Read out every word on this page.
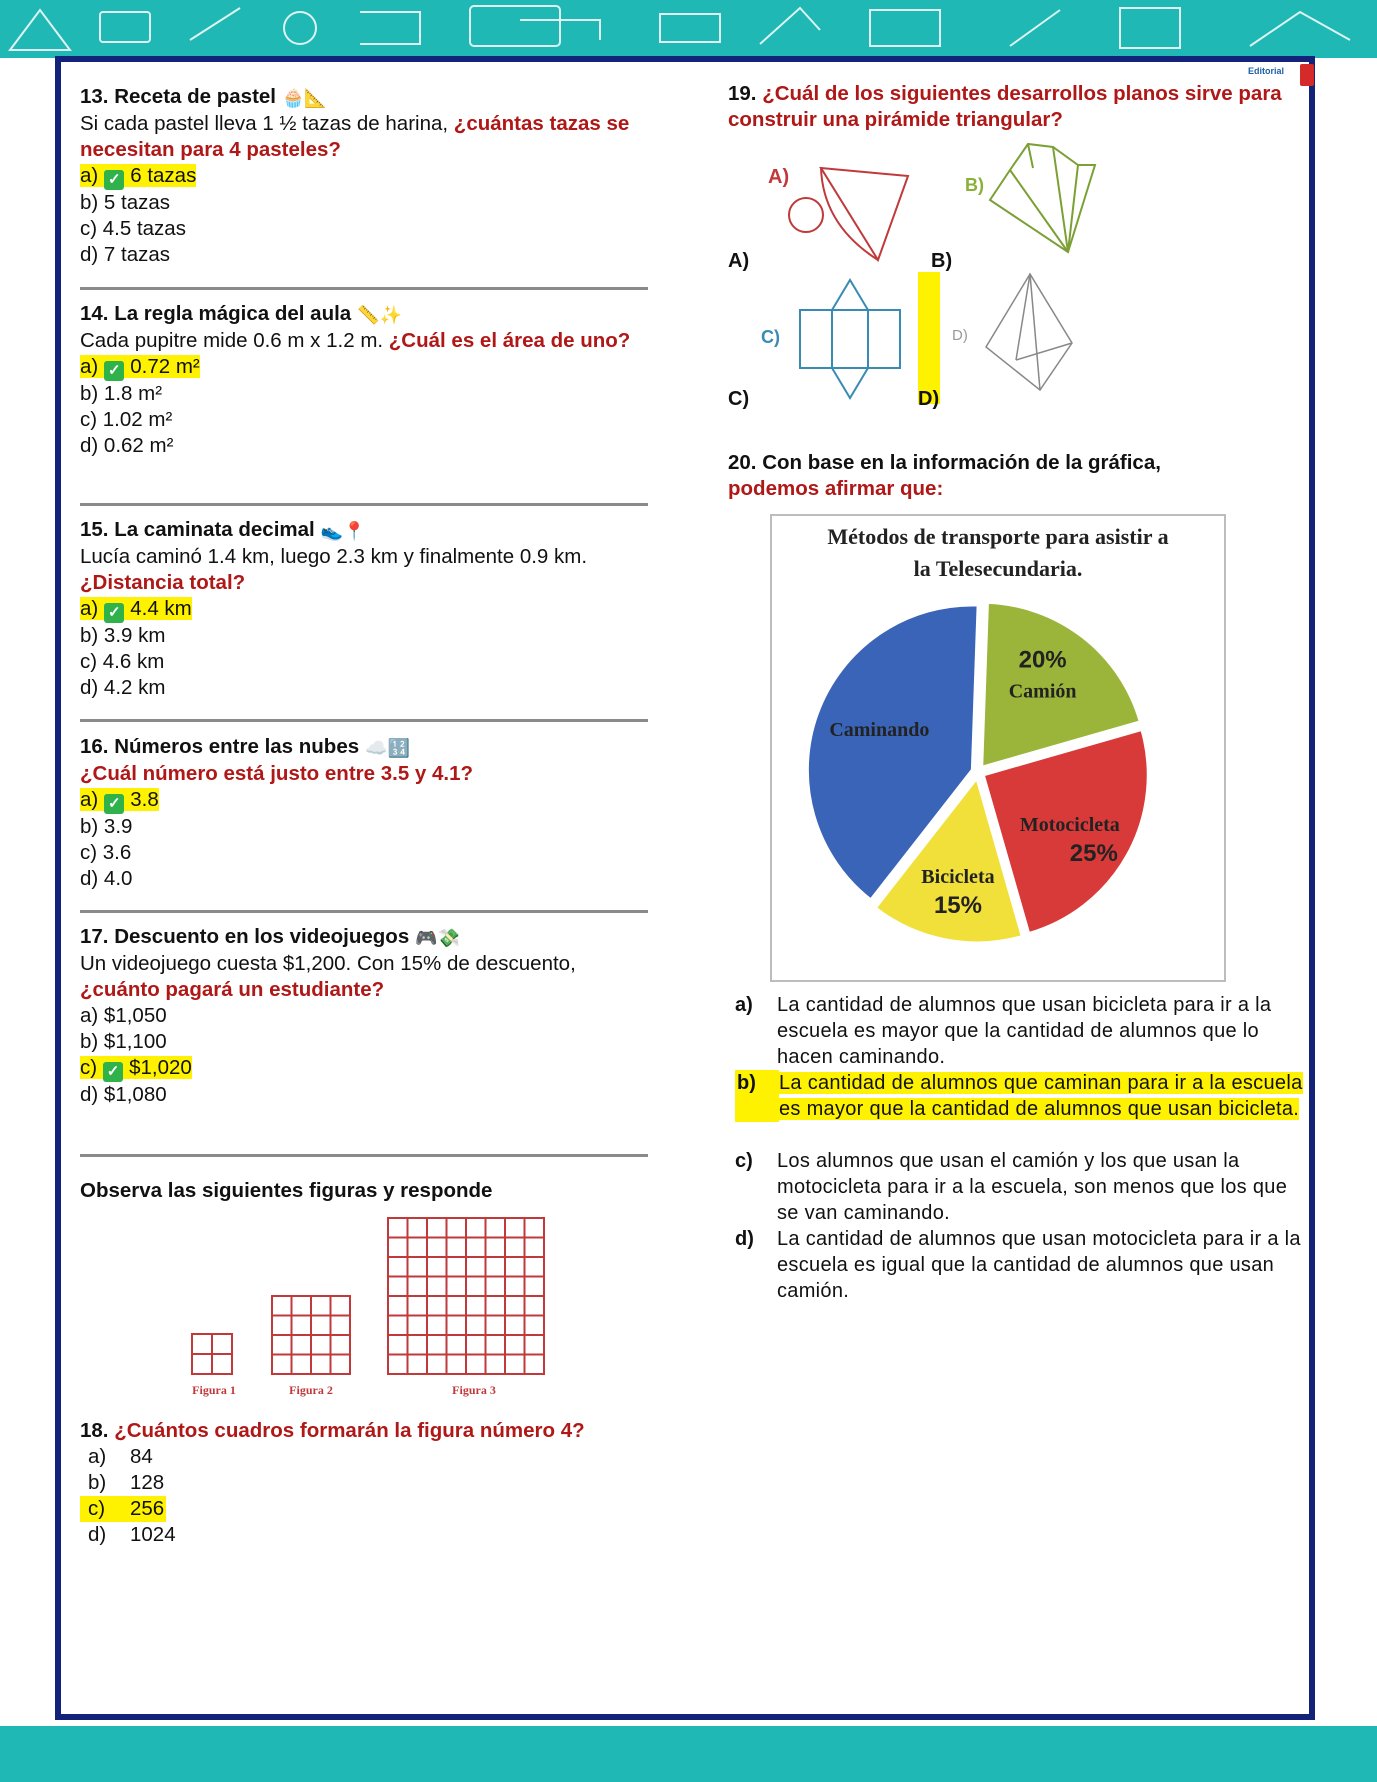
Editorial
13. Receta de pastel 🧁📐
Si cada pastel lleva 1 ½ tazas de harina, ¿cuántas tazas se necesitan para 4 pasteles?
a) ✓ 6 tazas
b) 5 tazas
c) 4.5 tazas
d) 7 tazas
14. La regla mágica del aula 📏✨
Cada pupitre mide 0.6 m x 1.2 m. ¿Cuál es el área de uno?
a) ✓ 0.72 m²
b) 1.8 m²
c) 1.02 m²
d) 0.62 m²
15. La caminata decimal 👟📍
Lucía caminó 1.4 km, luego 2.3 km y finalmente 0.9 km.
¿Distancia total?
a) ✓ 4.4 km
b) 3.9 km
c) 4.6 km
d) 4.2 km
16. Números entre las nubes ☁️🔢
¿Cuál número está justo entre 3.5 y 4.1?
a) ✓ 3.8
b) 3.9
c) 3.6
d) 4.0
17. Descuento en los videojuegos 🎮💸
Un videojuego cuesta $1,200. Con 15% de descuento,
¿cuánto pagará un estudiante?
a) $1,050
b) $1,100
c) ✓ $1,020
d) $1,080
Observa las siguientes figuras y responde
Figura 1	Figura 2	Figura 3
18. ¿Cuántos cuadros formarán la figura número 4?
a)	84
b)	128
c)	256
d)	1024
19. ¿Cuál de los siguientes desarrollos planos sirve para construir una pirámide triangular?
A)	B)
A)	B)
C)	D)
C)	D)
20. Con base en la información de la gráfica,
podemos afirmar que:
Métodos de transporte para asistir a
la Telesecundaria.
20%
Camión
25%
Motocicleta
15%
Bicicleta
Caminando
a)	La cantidad de alumnos que usan bicicleta para ir a la escuela es mayor que la cantidad de alumnos que lo hacen caminando.
b)	La cantidad de alumnos que caminan para ir a la escuela es mayor que la cantidad de alumnos que usan bicicleta.
c)	Los alumnos que usan el camión y los que usan la motocicleta para ir a la escuela, son menos que los que se van caminando.
d)	La cantidad de alumnos que usan motocicleta para ir a la escuela es igual que la cantidad de alumnos que usan camión.
